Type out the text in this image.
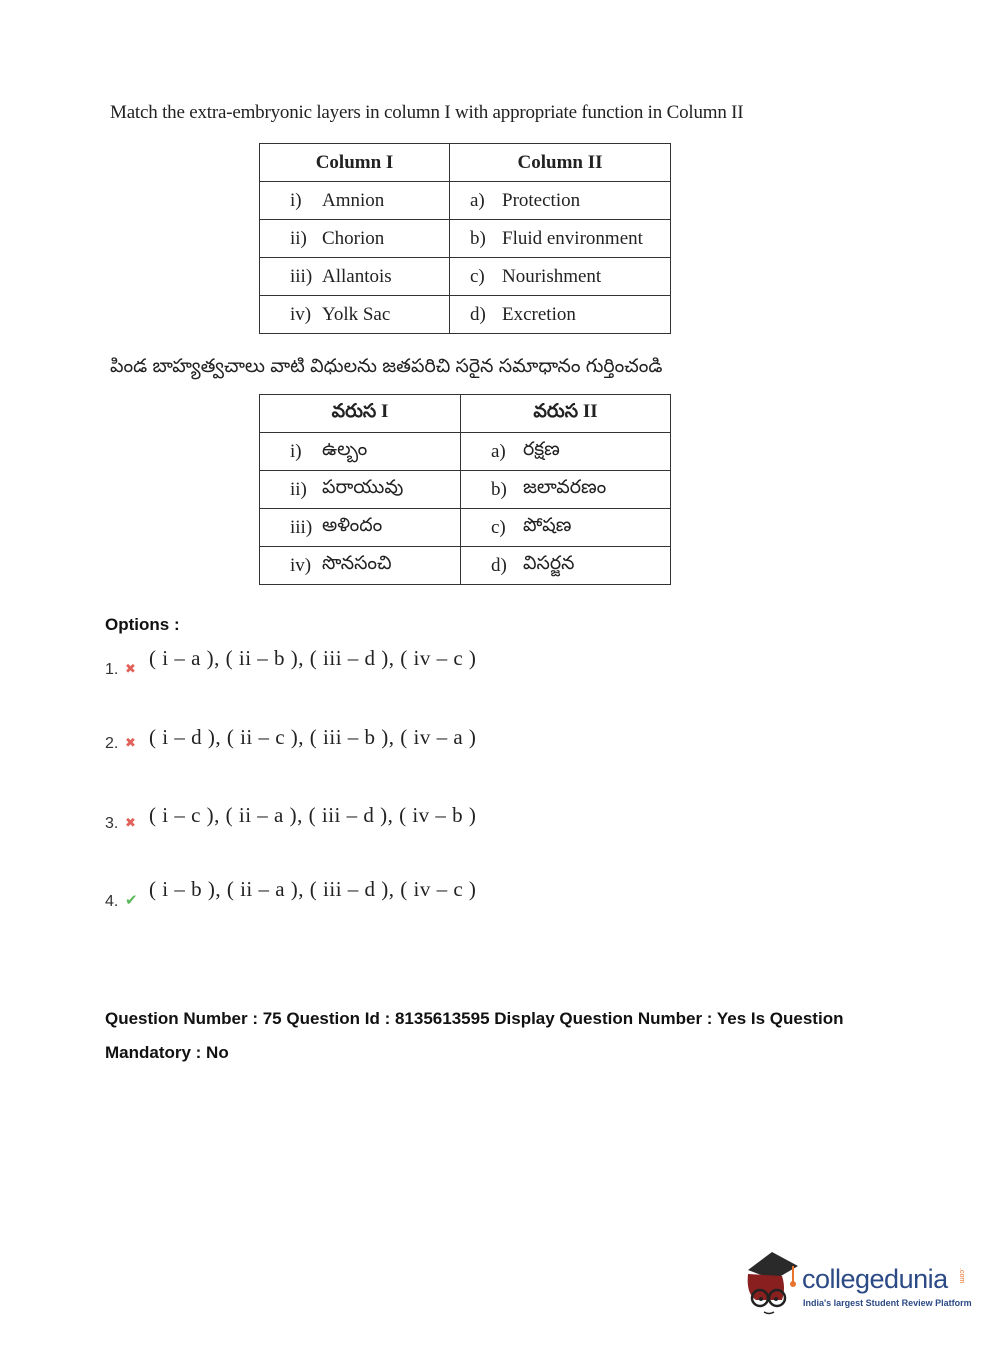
Match the extra-embryonic layers in column I with appropriate function in Column II
Column I	Column II

i) Amnion	a) Protection

ii) Chorion	b) Fluid environment

iii) Allantois	c) Nourishment

iv) Yolk Sac	d) Excretion
పిండ బాహ్యత్వచాలు వాటి విధులను జతపరిచి సరైన సమాధానం గుర్తించండి
వరుస I	వరుస II

i) ఉల్బం	a) రక్షణ

ii) పరాయువు	b) జలావరణం

iii) అళిందం	c) పోషణ

iv) సొనసంచి	d) విసర్జన
Options :
1. ✖ ( i – a ), ( ii – b ), ( iii – d ), ( iv – c )
2. ✖ ( i – d ), ( ii – c ), ( iii – b ), ( iv – a )
3. ✖ ( i – c ), ( ii – a ), ( iii – d ), ( iv – b )
4. ✔ ( i – b ), ( ii – a ), ( iii – d ), ( iv – c )
Question Number : 75 Question Id : 8135613595 Display Question Number : Yes Is Question
Mandatory : No
collegedunia .com
India's largest Student Review Platform
